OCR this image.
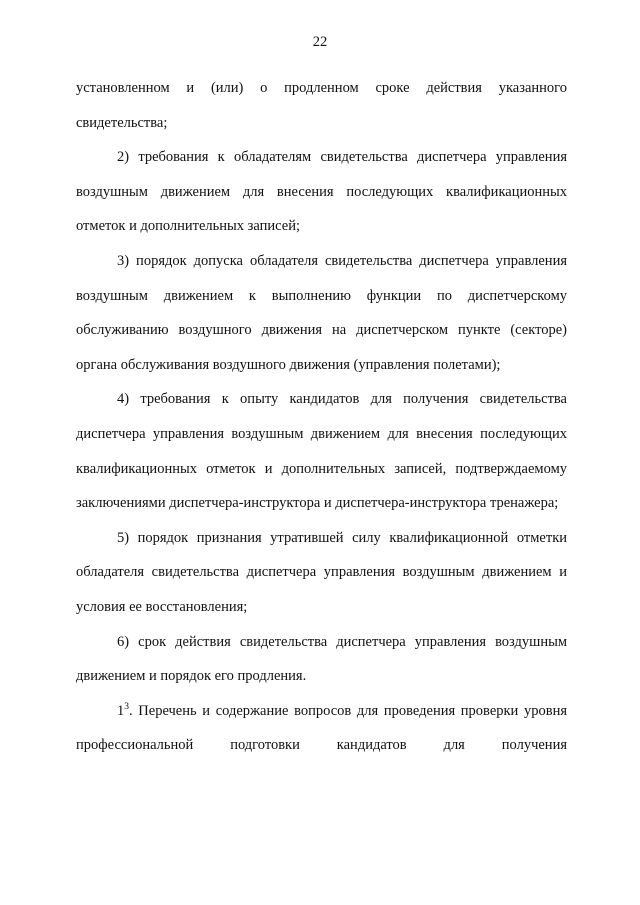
22

установленном и (или) о продленном сроке действия указанного

свидетельства;

2) требования к обладателям свидетельства диспетчера управления воздушным движением для внесения последующих квалификационных отметок и дополнительных записей;

3) порядок допуска обладателя свидетельства диспетчера управления воздушным движением к выполнению функции по диспетчерскому обслуживанию воздушного движения на диспетчерском пункте (секторе) органа обслуживания воздушного движения (управления полетами);

4) требования к опыту кандидатов для получения свидетельства диспетчера управления воздушным движением для внесения последующих квалификационных отметок и дополнительных записей, подтверждаемому заключениями диспетчера-инструктора и диспетчера-инструктора тренажера;

5) порядок признания утратившей силу квалификационной отметки обладателя свидетельства диспетчера управления воздушным движением и условия ее восстановления;

6) срок действия свидетельства диспетчера управления воздушным движением и порядок его продления.

$1^3$. Перечень и содержание вопросов для проведения проверки уровня профессиональной подготовки кандидатов для получения
